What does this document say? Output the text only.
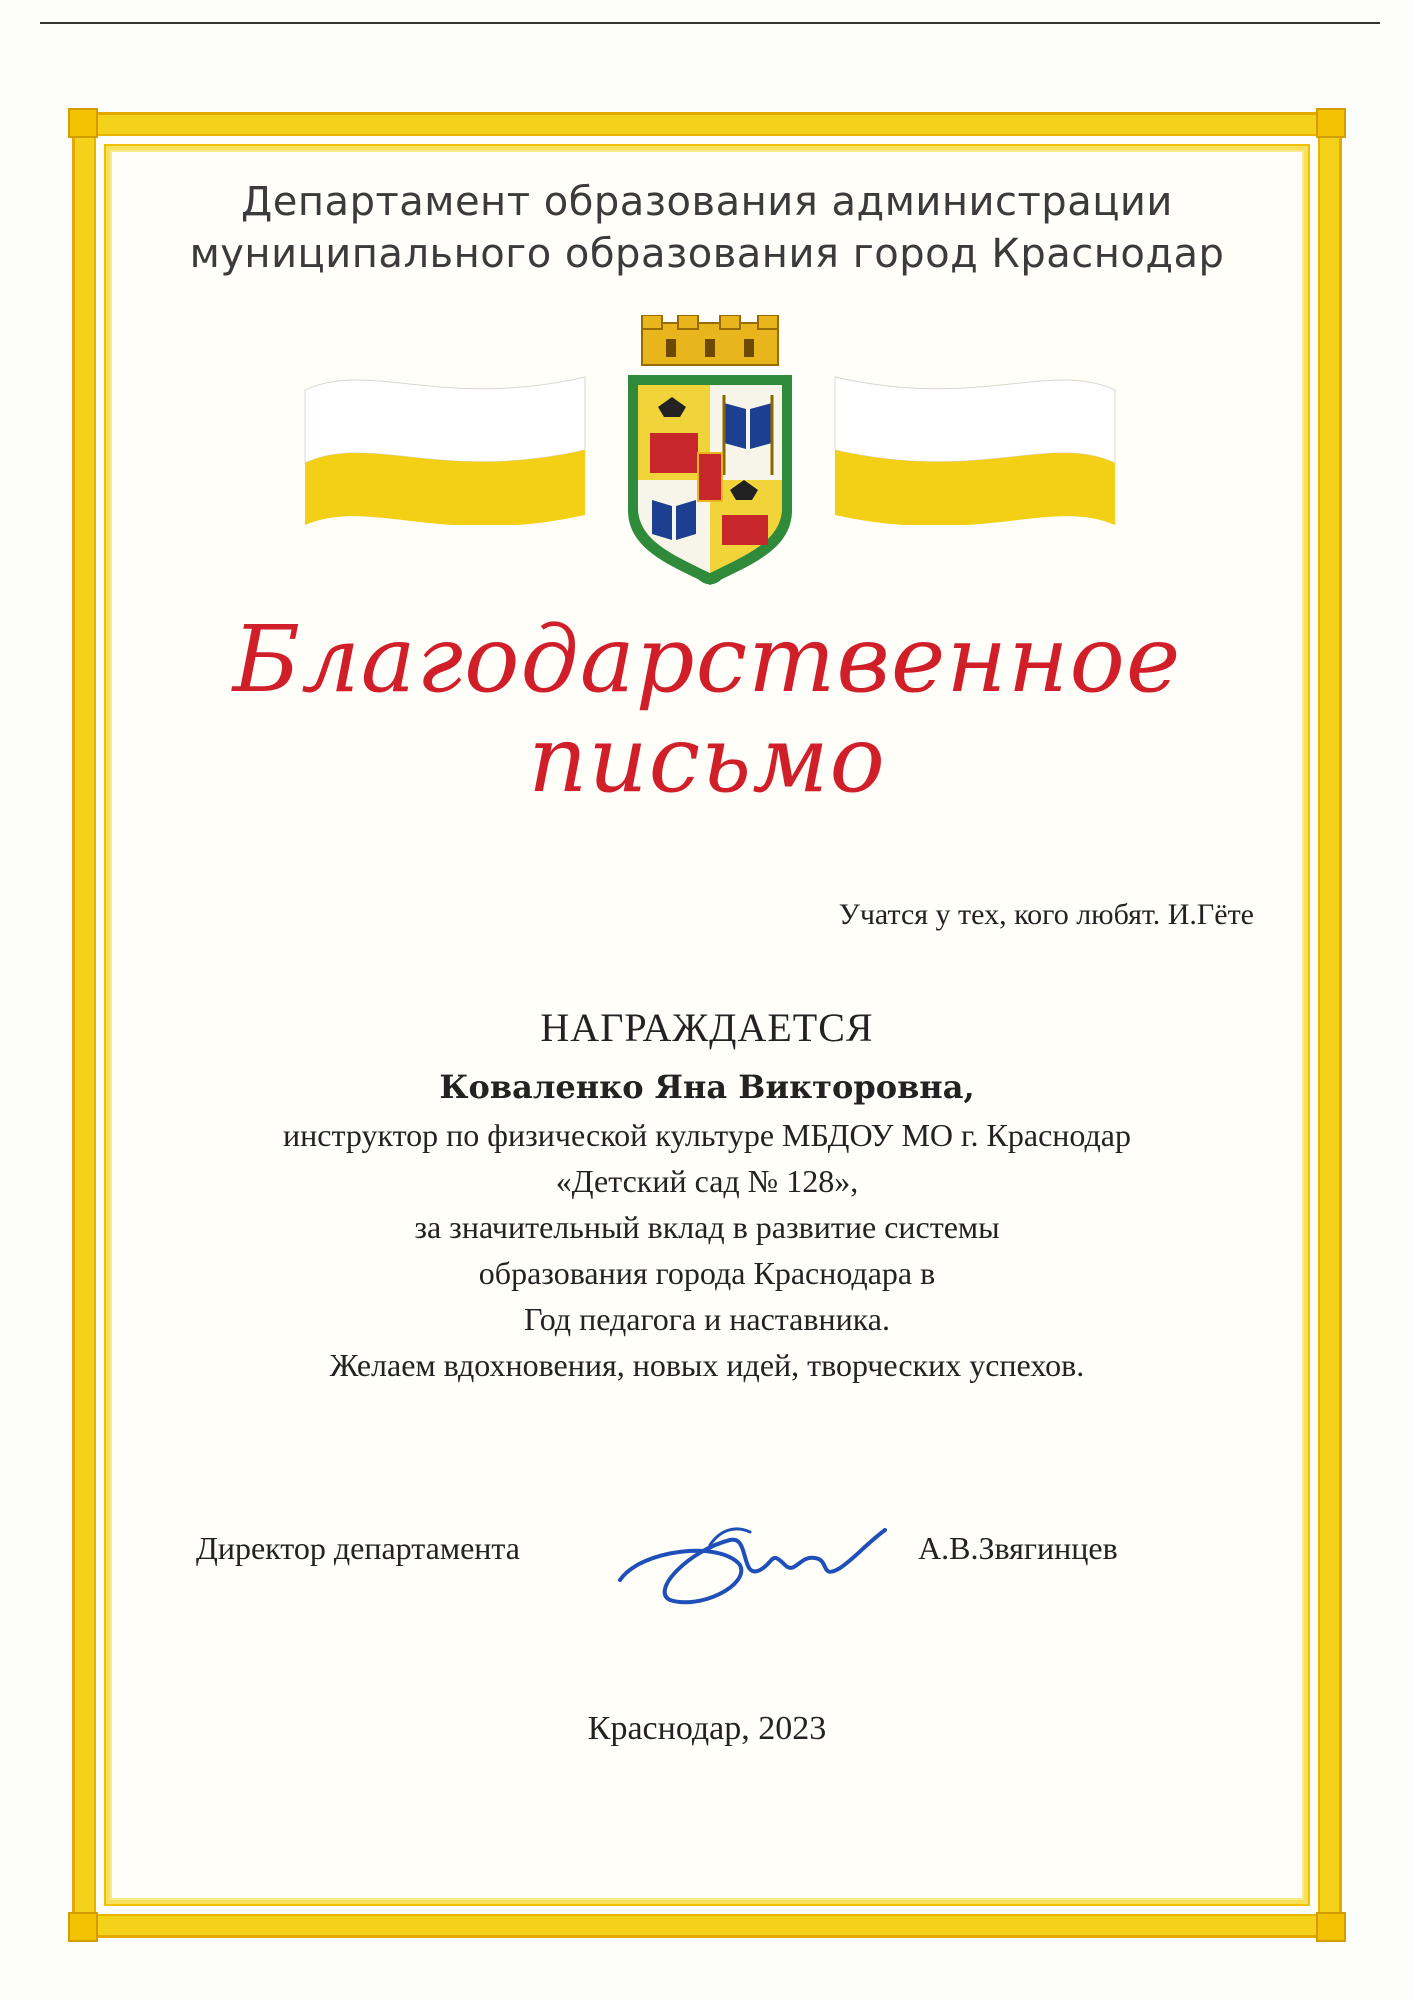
Департамент образования администрации
муниципального образования город Краснодар
Благодарственное
письмо
Учатся у тех, кого любят. И.Гёте
НАГРАЖДАЕТСЯ
Коваленко Яна Викторовна,
инструктор по физической культуре МБДОУ МО г. Краснодар
«Детский сад № 128»,
за значительный вклад в развитие системы
образования города Краснодара в
Год педагога и наставника.
Желаем вдохновения, новых идей, творческих успехов.
Директор департамента	А.В.Звягинцев
Краснодар, 2023
